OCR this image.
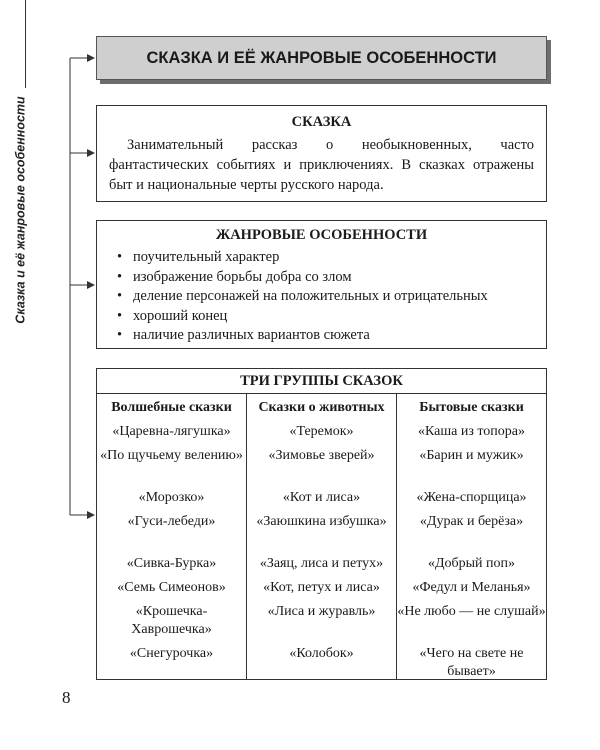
Сказка и её жанровые особенности
СКАЗКА И ЕЁ ЖАНРОВЫЕ ОСОБЕННОСТИ
СКАЗКА
Занимательный рассказ о необыкновенных, часто фантастических событиях и приключениях. В сказках отражены быт и национальные черты русского народа.
ЖАНРОВЫЕ ОСОБЕННОСТИ
• поучительный характер
• изображение борьбы добра со злом
• деление персонажей на положительных и отрицательных
• хороший конец
• наличие различных вариантов сюжета
ТРИ ГРУППЫ СКАЗОК
Волшебные сказки
«Царевна-лягушка»
«По щучьему велению»
«Морозко»
«Гуси-лебеди»
«Сивка-Бурка»
«Семь Симеонов»
«Крошечка-Хаврошечка»
«Снегурочка»
Сказки о животных
«Теремок»
«Зимовье зверей»
«Кот и лиса»
«Заюшкина избушка»
«Заяц, лиса и петух»
«Кот, петух и лиса»
«Лиса и журавль»
«Колобок»
Бытовые сказки
«Каша из топора»
«Барин и мужик»
«Жена-спорщица»
«Дурак и берёза»
«Добрый поп»
«Федул и Меланья»
«Не любо — не слушай»
«Чего на свете не бывает»
8
